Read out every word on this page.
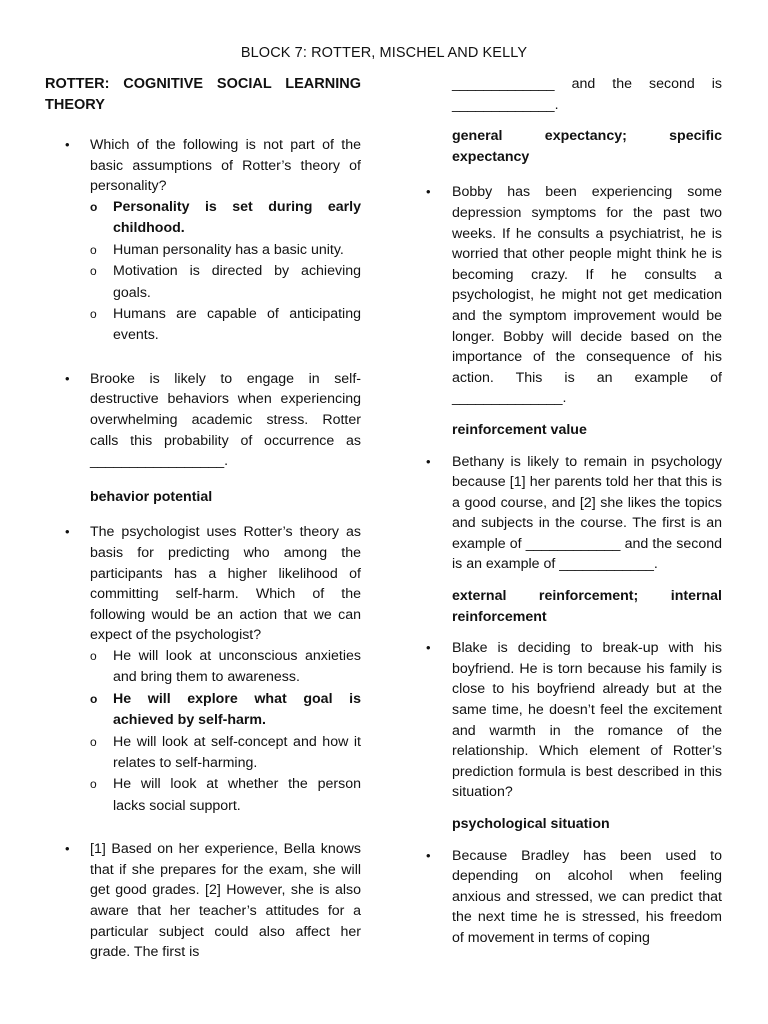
BLOCK 7: ROTTER, MISCHEL AND KELLY

ROTTER: COGNITIVE SOCIAL LEARNING THEORY

• Which of the following is not part of the basic assumptions of Rotter’s theory of personality?

o Personality is set during early childhood.
o Human personality has a basic unity.
o Motivation is directed by achieving goals.
o Humans are capable of anticipating events.
• Brooke is likely to engage in self-destructive behaviors when experiencing overwhelming academic stress. Rotter calls this probability of occurrence as _________________.

behavior potential

• The psychologist uses Rotter’s theory as basis for predicting who among the participants has a higher likelihood of committing self-harm. Which of the following would be an action that we can expect of the psychologist?

o He will look at unconscious anxieties and bring them to awareness.
o He will explore what goal is achieved by self-harm.
o He will look at self-concept and how it relates to self-harming.
o He will look at whether the person lacks social support.
• [1] Based on her experience, Bella knows that if she prepares for the exam, she will get good grades. [2] However, she is also aware that her teacher’s attitudes for a particular subject could also affect her grade. The first is

_____________ and the second is _____________.

general expectancy; specific expectancy

• Bobby has been experiencing some depression symptoms for the past two weeks. If he consults a psychiatrist, he is worried that other people might think he is becoming crazy. If he consults a psychologist, he might not get medication and the symptom improvement would be longer. Bobby will decide based on the importance of the consequence of his action. This is an example of ______________.

reinforcement value

• Bethany is likely to remain in psychology because [1] her parents told her that this is a good course, and [2] she likes the topics and subjects in the course. The first is an example of ____________ and the second is an example of ____________.

external reinforcement; internal reinforcement

• Blake is deciding to break-up with his boyfriend. He is torn because his family is close to his boyfriend already but at the same time, he doesn’t feel the excitement and warmth in the romance of the relationship. Which element of Rotter’s prediction formula is best described in this situation?

psychological situation

• Because Bradley has been used to depending on alcohol when feeling anxious and stressed, we can predict that the next time he is stressed, his freedom of movement in terms of coping
